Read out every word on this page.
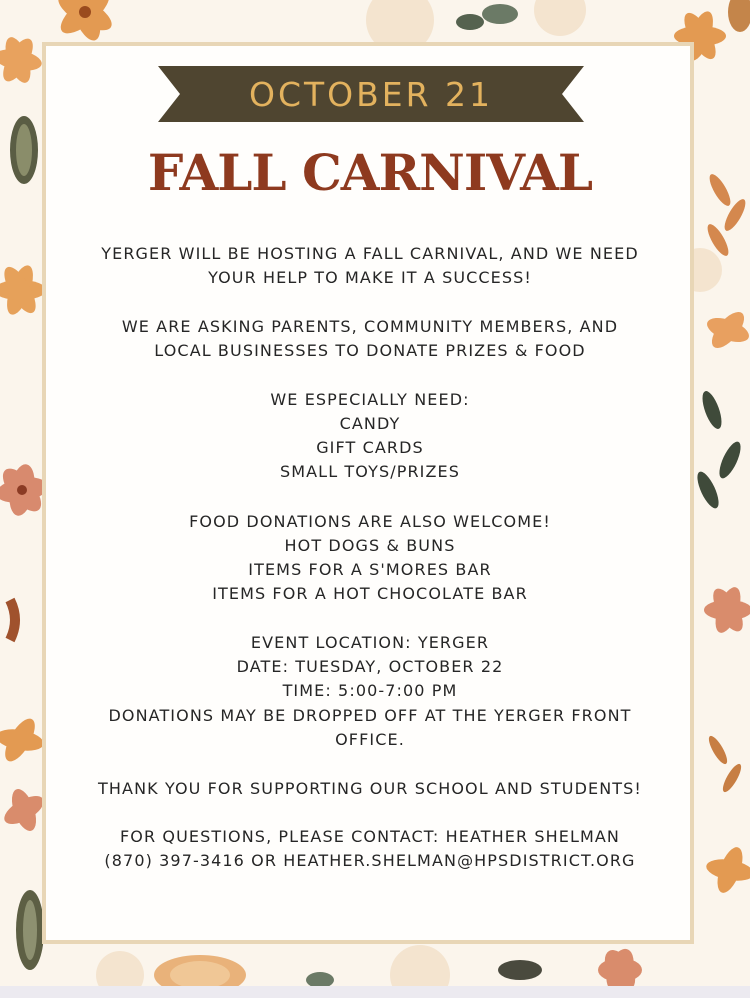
OCTOBER 21
FALL CARNIVAL
YERGER WILL BE HOSTING A FALL CARNIVAL, AND WE NEED
YOUR HELP TO MAKE IT A SUCCESS!
WE ARE ASKING PARENTS, COMMUNITY MEMBERS, AND
LOCAL BUSINESSES TO DONATE PRIZES & FOOD
WE ESPECIALLY NEED:
CANDY
GIFT CARDS
SMALL TOYS/PRIZES
FOOD DONATIONS ARE ALSO WELCOME!
HOT DOGS & BUNS
ITEMS FOR A S'MORES BAR
ITEMS FOR A HOT CHOCOLATE BAR
EVENT LOCATION: YERGER
DATE: TUESDAY, OCTOBER 22
TIME: 5:00-7:00 PM
DONATIONS MAY BE DROPPED OFF AT THE YERGER FRONT
OFFICE.
THANK YOU FOR SUPPORTING OUR SCHOOL AND STUDENTS!
FOR QUESTIONS, PLEASE CONTACT: HEATHER SHELMAN
(870) 397-3416 OR HEATHER.SHELMAN@HPSDISTRICT.ORG
